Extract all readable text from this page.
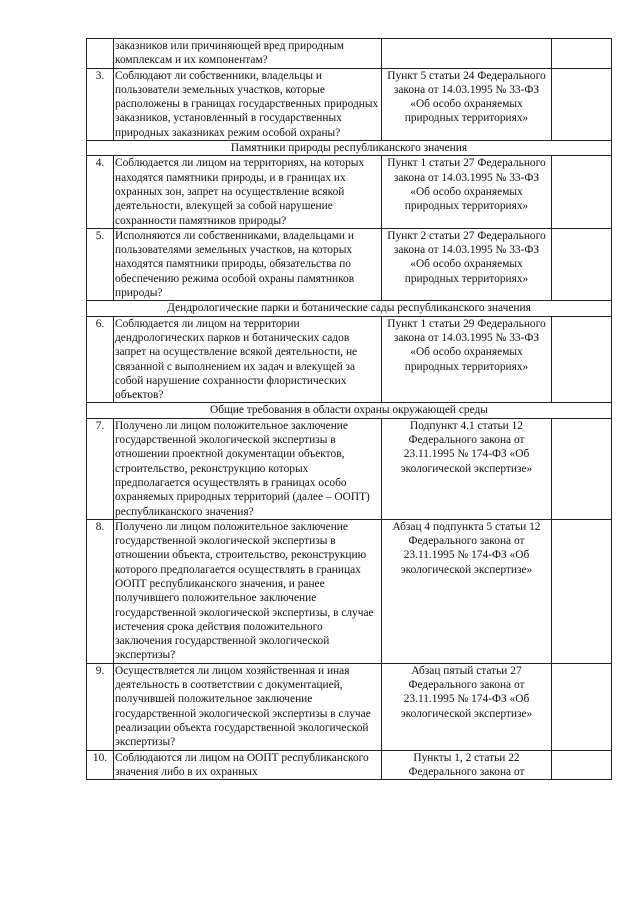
	заказников или причиняющей вред природным комплексам и их компонентам?		
3.	Соблюдают ли собственники, владельцы и пользователи земельных участков, которые расположены в границах государственных природных заказников, установленный в государственных природных заказниках режим особой охраны?	Пункт 5 статьи 24 Федерального закона от 14.03.1995 № 33-ФЗ «Об особо охраняемых природных территориях»	
Памятники природы республиканского значения			
4.	Соблюдается ли лицом на территориях, на которых находятся памятники природы, и в границах их охранных зон, запрет на осуществление всякой деятельности, влекущей за собой нарушение сохранности памятников природы?	Пункт 1 статьи 27 Федерального закона от 14.03.1995 № 33-ФЗ «Об особо охраняемых природных территориях»	
5.	Исполняются ли собственниками, владельцами и пользователями земельных участков, на которых находятся памятники природы, обязательства по обеспечению режима особой охраны памятников природы?	Пункт 2 статьи 27 Федерального закона от 14.03.1995 № 33-ФЗ «Об особо охраняемых природных территориях»	
Дендрологические парки и ботанические сады республиканского значения			
6.	Соблюдается ли лицом на территории дендрологических парков и ботанических садов запрет на осуществление всякой деятельности, не связанной с выполнением их задач и влекущей за собой нарушение сохранности флористических объектов?	Пункт 1 статьи 29 Федерального закона от 14.03.1995 № 33-ФЗ «Об особо охраняемых природных территориях»	
Общие требования в области охраны окружающей среды			
7.	Получено ли лицом положительное заключение государственной экологической экспертизы в отношении проектной документации объектов, строительство, реконструкцию которых предполагается осуществлять в границах особо охраняемых природных территорий (далее – ООПТ) республиканского значения?	Подпункт 4.1 статьи 12 Федерального закона от 23.11.1995 № 174-ФЗ «Об экологической экспертизе»	
8.	Получено ли лицом положительное заключение государственной экологической экспертизы в отношении объекта, строительство, реконструкцию которого предполагается осуществлять в границах ООПТ республиканского значения, и ранее получившего положительное заключение государственной экологической экспертизы, в случае истечения срока действия положительного заключения государственной экологической экспертизы?	Абзац 4 подпункта 5 статьи 12 Федерального закона от 23.11.1995 № 174-ФЗ «Об экологической экспертизе»	
9.	Осуществляется ли лицом хозяйственная и иная деятельность в соответствии с документацией, получившей положительное заключение государственной экологической экспертизы в случае реализации объекта государственной экологической экспертизы?	Абзац пятый статьи 27 Федерального закона от 23.11.1995 № 174-ФЗ «Об экологической экспертизе»	
10.	Соблюдаются ли лицом на ООПТ республиканского значения либо в их охранных	Пункты 1, 2 статьи 22 Федерального закона от	
